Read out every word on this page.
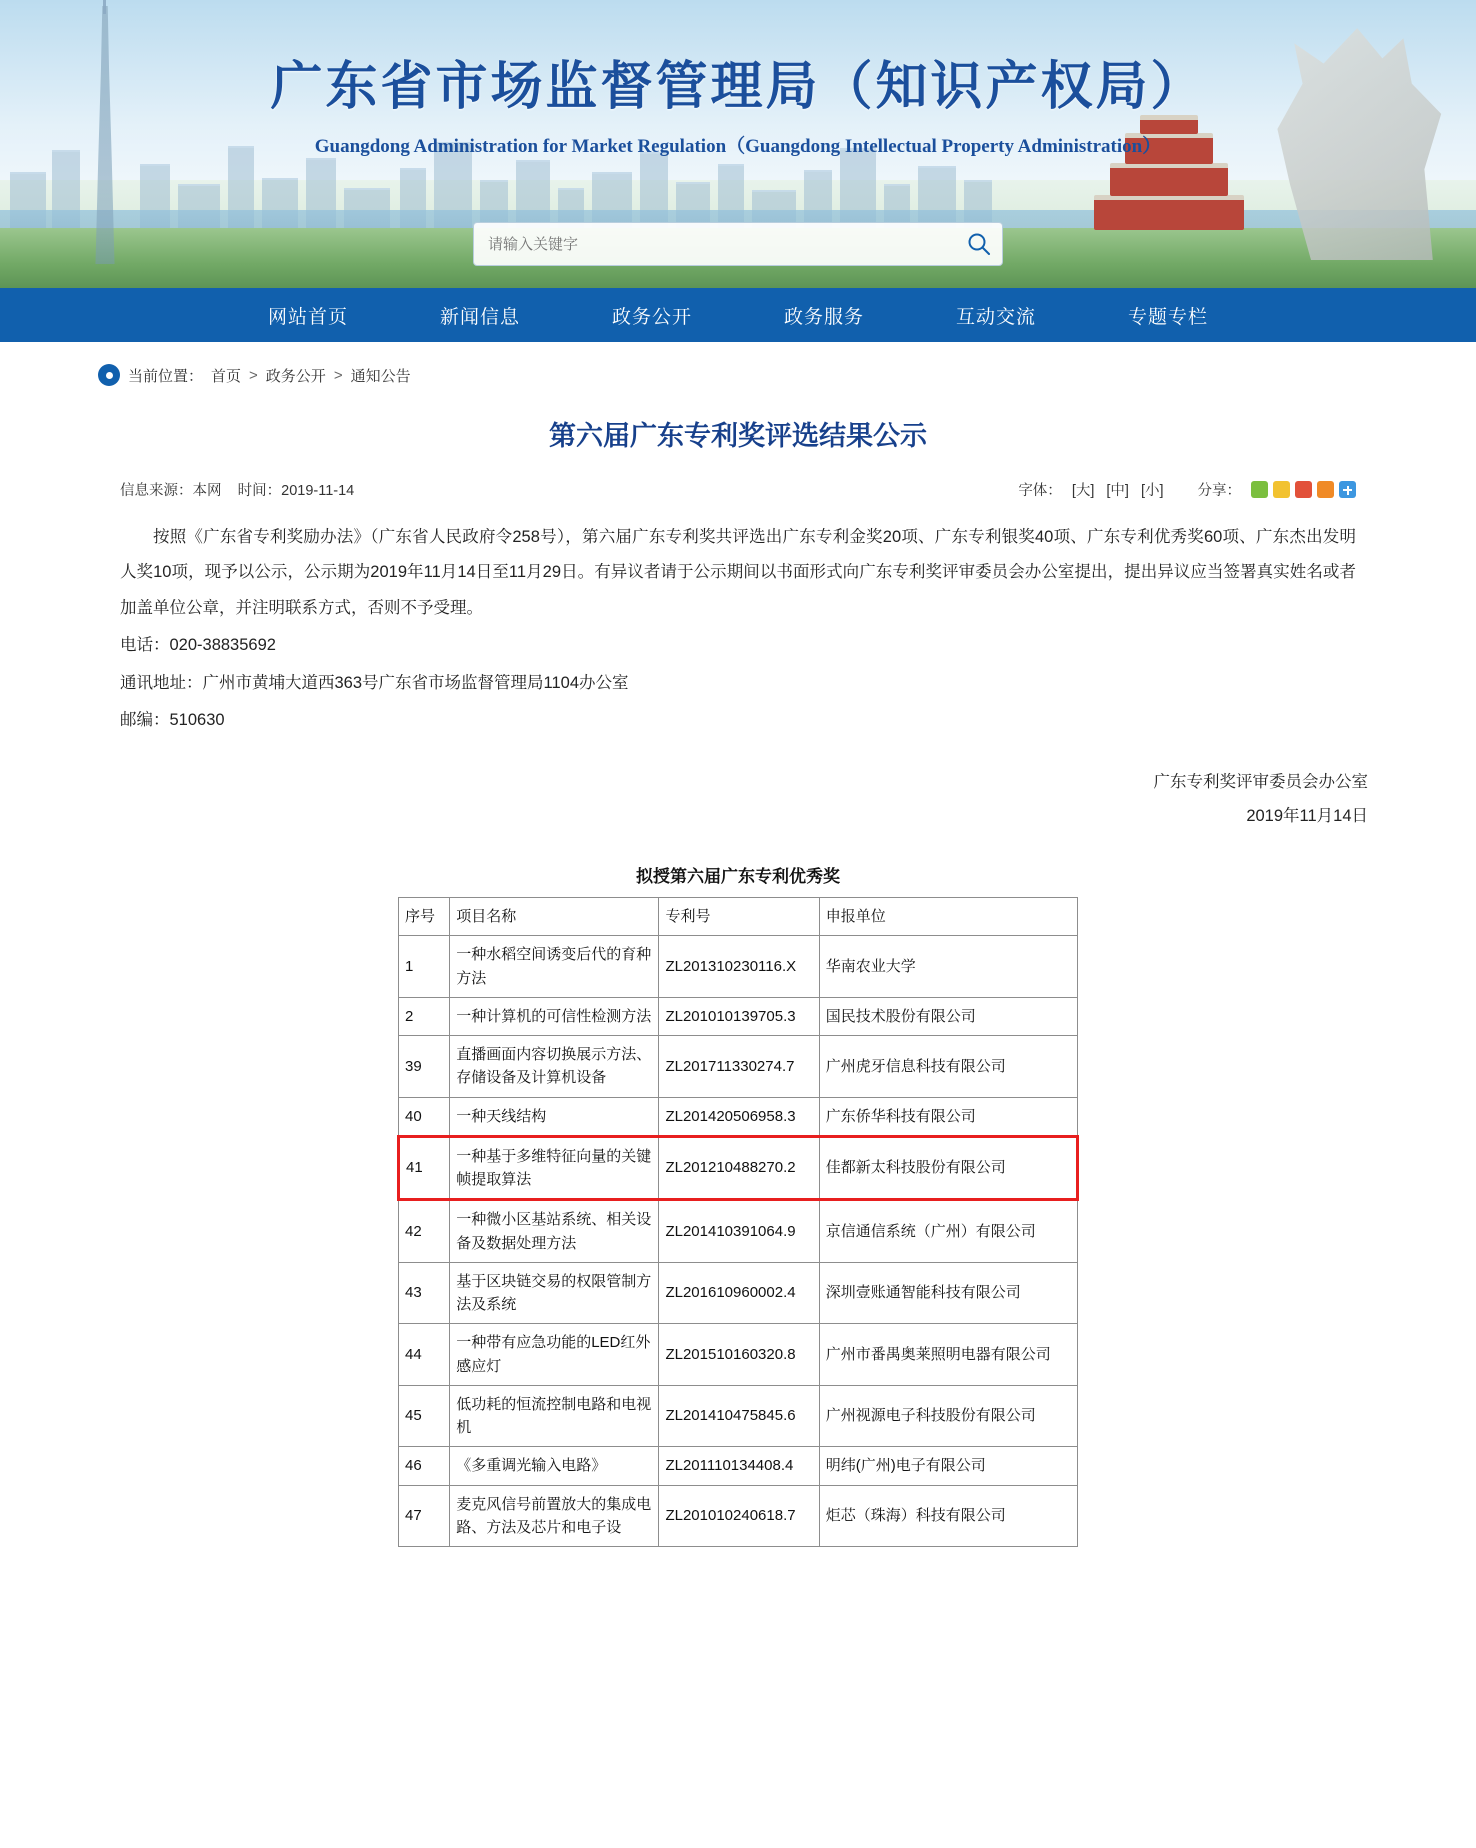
广东省市场监督管理局（知识产权局）
Guangdong Administration for Market Regulation（Guangdong Intellectual Property Administration）
请输入关键字
网站首页	新闻信息	政务公开	政务服务	互动交流	专题专栏
当前位置： 首页 > 政务公开 > 通知公告
第六届广东专利奖评选结果公示
信息来源：本网 时间：2019-11-14	字体： [大] [中] [小] 分享：

按照《广东省专利奖励办法》（广东省人民政府令258号），第六届广东专利奖共评选出广东专利金奖20项、广东专利银奖40项、广东专利优秀奖60项、广东杰出发明人奖10项，现予以公示，公示期为2019年11月14日至11月29日。有异议者请于公示期间以书面形式向广东专利奖评审委员会办公室提出，提出异议应当签署真实姓名或者加盖单位公章，并注明联系方式，否则不予受理。

电话：020-38835692

通讯地址：广州市黄埔大道西363号广东省市场监督管理局1104办公室

邮编：510630

广东专利奖评审委员会办公室
2019年11月14日
拟授第六届广东专利优秀奖
序号	项目名称	专利号	申报单位
1	一种水稻空间诱变后代的育种方法	ZL201310230116.X	华南农业大学
2	一种计算机的可信性检测方法	ZL201010139705.3	国民技术股份有限公司
39	直播画面内容切换展示方法、存储设备及计算机设备	ZL201711330274.7	广州虎牙信息科技有限公司
40	一种天线结构	ZL201420506958.3	广东侨华科技有限公司
41	一种基于多维特征向量的关键帧提取算法	ZL201210488270.2	佳都新太科技股份有限公司
42	一种微小区基站系统、相关设备及数据处理方法	ZL201410391064.9	京信通信系统（广州）有限公司
43	基于区块链交易的权限管制方法及系统	ZL201610960002.4	深圳壹账通智能科技有限公司
44	一种带有应急功能的LED红外感应灯	ZL201510160320.8	广州市番禺奥莱照明电器有限公司
45	低功耗的恒流控制电路和电视机	ZL201410475845.6	广州视源电子科技股份有限公司
46	《多重调光输入电路》	ZL201110134408.4	明纬(广州)电子有限公司
47	麦克风信号前置放大的集成电路、方法及芯片和电子设	ZL201010240618.7	炬芯（珠海）科技有限公司
